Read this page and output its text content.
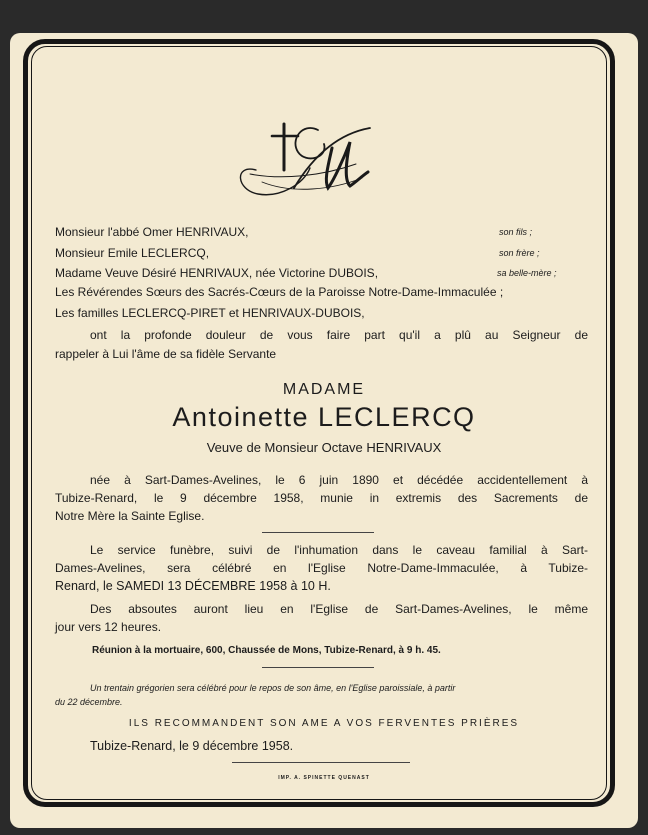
Monsieur l'abbé Omer HENRIVAUX,	son fils ;
Monsieur Emile LECLERCQ,	son frère ;
Madame Veuve Désiré HENRIVAUX, née Victorine DUBOIS,	sa belle-mère ;
Les Révérendes Sœurs des Sacrés-Cœurs de la Paroisse Notre-Dame-Immaculée ;
Les familles LECLERCQ-PIRET et HENRIVAUX-DUBOIS,
ont la profonde douleur de vous faire part qu'il a plû au Seigneur de
rappeler à Lui l'âme de sa fidèle Servante
MADAME
Antoinette LECLERCQ
Veuve de Monsieur Octave HENRIVAUX
née à Sart-Dames-Avelines, le 6 juin 1890 et décédée accidentellement à
Tubize-Renard, le 9 décembre 1958, munie in extremis des Sacrements de
Notre Mère la Sainte Eglise.
Le service funèbre, suivi de l'inhumation dans le caveau familial à Sart-
Dames-Avelines, sera célébré en l'Eglise Notre-Dame-Immaculée, à Tubize-
Renard, le SAMEDI 13 DÉCEMBRE 1958 à 10 H.
Des absoutes auront lieu en l'Eglise de Sart-Dames-Avelines, le même
jour vers 12 heures.
Réunion à la mortuaire, 600, Chaussée de Mons, Tubize-Renard, à 9 h. 45.
Un trentain grégorien sera célébré pour le repos de son âme, en l'Eglise paroissiale, à partir
du 22 décembre.
ILS RECOMMANDENT SON AME A VOS FERVENTES PRIÈRES
Tubize-Renard, le 9 décembre 1958.
IMP. A. SPINETTE QUENAST
